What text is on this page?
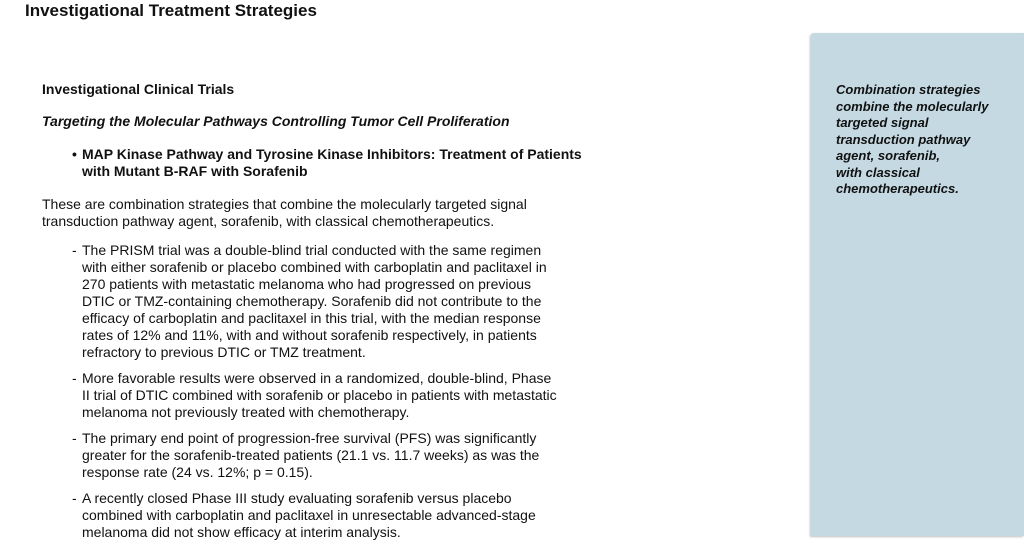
Investigational Treatment Strategies

Investigational Clinical Trials

Targeting the Molecular Pathways Controlling Tumor Cell Proliferation

• MAP Kinase Pathway and Tyrosine Kinase Inhibitors: Treatment of Patients with Mutant B-RAF with Sorafenib

These are combination strategies that combine the molecularly targeted signal transduction pathway agent, sorafenib, with classical chemotherapeutics.

- The PRISM trial was a double-blind trial conducted with the same regimen with either sorafenib or placebo combined with carboplatin and paclitaxel in 270 patients with metastatic melanoma who had progressed on previous DTIC or TMZ-containing chemotherapy. Sorafenib did not contribute to the efficacy of carboplatin and paclitaxel in this trial, with the median response rates of 12% and 11%, with and without sorafenib respectively, in patients refractory to previous DTIC or TMZ treatment.
- More favorable results were observed in a randomized, double-blind, Phase II trial of DTIC combined with sorafenib or placebo in patients with metastatic melanoma not previously treated with chemotherapy.
- The primary end point of progression-free survival (PFS) was significantly greater for the sorafenib-treated patients (21.1 vs. 11.7 weeks) as was the response rate (24 vs. 12%; p = 0.15).
- A recently closed Phase III study evaluating sorafenib versus placebo combined with carboplatin and paclitaxel in unresectable advanced-stage melanoma did not show efficacy at interim analysis.

Combination strategies
combine the molecularly
targeted signal
transduction pathway
agent, sorafenib,
with classical
chemotherapeutics.
